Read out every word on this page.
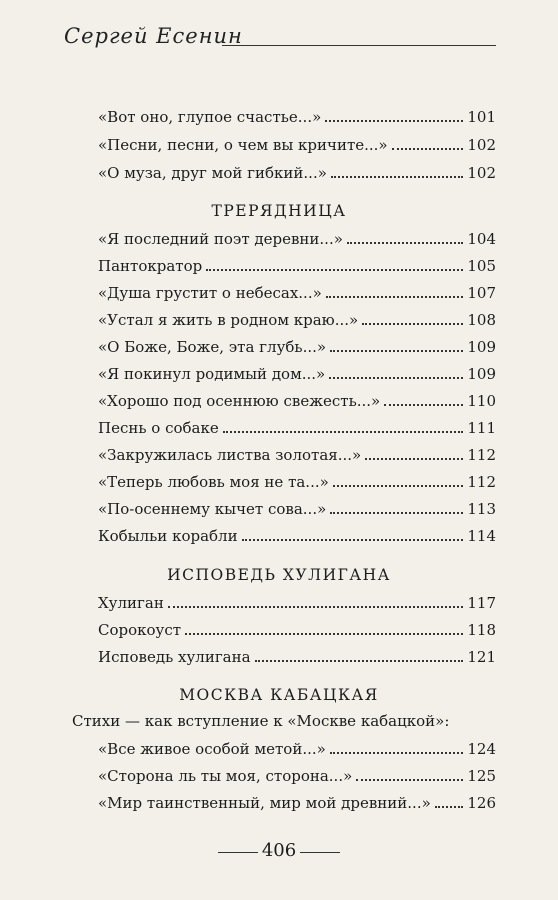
Сергей Есенин
«Вот оно, глупое счастье...»	101
«Песни, песни, о чем вы кричите...»	102
«О муза, друг мой гибкий...»	102
ТРЕРЯДНИЦА
«Я последний поэт деревни...»	104
Пантократор	105
«Душа грустит о небесах...»	107
«Устал я жить в родном краю...»	108
«О Боже, Боже, эта глубь...»	109
«Я покинул родимый дом...»	109
«Хорошо под осеннюю свежесть...»	110
Песнь о собаке	111
«Закружилась листва золотая...»	112
«Теперь любовь моя не та...»	112
«По-осеннему кычет сова...»	113
Кобыльи корабли	114
ИСПОВЕДЬ ХУЛИГАНА
Хулиган	117
Сорокоуст	118
Исповедь хулигана	121
МОСКВА КАБАЦКАЯ
Стихи — как вступление к «Москве кабацкой»:
«Все живое особой метой...»	124
«Сторона ль ты моя, сторона...»	125
«Мир таинственный, мир мой древний...» 126
406
